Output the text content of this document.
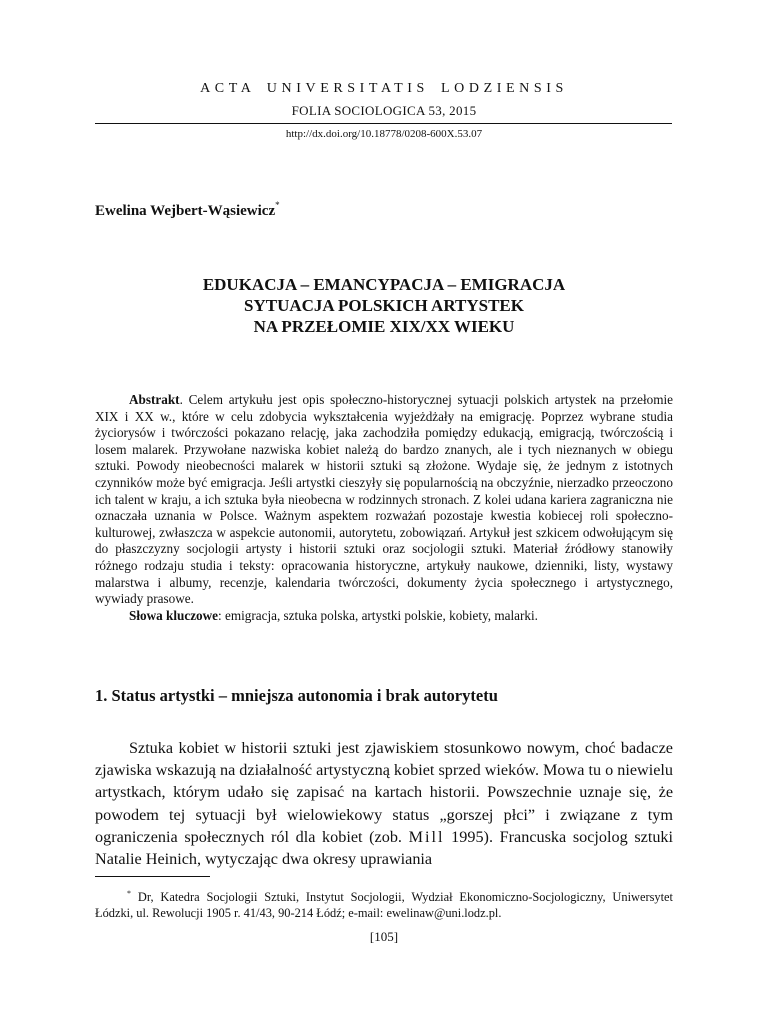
ACTA UNIVERSITATIS LODZIENSIS

FOLIA SOCIOLOGICA 53, 2015

http://dx.doi.org/10.18778/0208-600X.53.07

Ewelina Wejbert-Wąsiewicz*

EDUKACJA – EMANCYPACJA – EMIGRACJA
SYTUACJA POLSKICH ARTYSTEK
NA PRZEŁOMIE XIX/XX WIEKU

Abstrakt. Celem artykułu jest opis społeczno-historycznej sytuacji polskich artystek na przełomie XIX i XX w., które w celu zdobycia wykształcenia wyjeżdżały na emigrację. Poprzez wybrane studia życiorysów i twórczości pokazano relację, jaka zachodziła pomiędzy edukacją, emigracją, twórczością i losem malarek. Przywołane nazwiska kobiet należą do bardzo znanych, ale i tych nieznanych w obiegu sztuki. Powody nieobecności malarek w historii sztuki są złożone. Wydaje się, że jednym z istotnych czynników może być emigracja. Jeśli artystki cieszyły się popularnością na obczyźnie, nierzadko przeoczono ich talent w kraju, a ich sztuka była nieobecna w rodzinnych stronach. Z kolei udana kariera zagraniczna nie oznaczała uznania w Polsce. Ważnym aspektem rozważań pozostaje kwestia kobiecej roli społeczno-kulturowej, zwłaszcza w aspekcie autonomii, autorytetu, zobowiązań. Artykuł jest szkicem odwołującym się do płaszczyzny socjologii artysty i historii sztuki oraz socjologii sztuki. Materiał źródłowy stanowiły różnego rodzaju studia i teksty: opracowania historyczne, artykuły naukowe, dzienniki, listy, wystawy malarstwa i albumy, recenzje, kalendaria twórczości, dokumenty życia społecznego i artystycznego, wywiady prasowe.

Słowa kluczowe: emigracja, sztuka polska, artystki polskie, kobiety, malarki.

1. Status artystki – mniejsza autonomia i brak autorytetu

Sztuka kobiet w historii sztuki jest zjawiskiem stosunkowo nowym, choć badacze zjawiska wskazują na działalność artystyczną kobiet sprzed wieków. Mowa tu o niewielu artystkach, którym udało się zapisać na kartach historii. Powszechnie uznaje się, że powodem tej sytuacji był wielowiekowy status „gorszej płci” i związane z tym ograniczenia społecznych ról dla kobiet (zob. Mill 1995). Francuska socjolog sztuki Natalie Heinich, wytyczając dwa okresy uprawiania

* Dr, Katedra Socjologii Sztuki, Instytut Socjologii, Wydział Ekonomiczno-Socjologiczny, Uniwersytet Łódzki, ul. Rewolucji 1905 r. 41/43, 90-214 Łódź; e-mail: ewelinaw@uni.lodz.pl.

[105]
